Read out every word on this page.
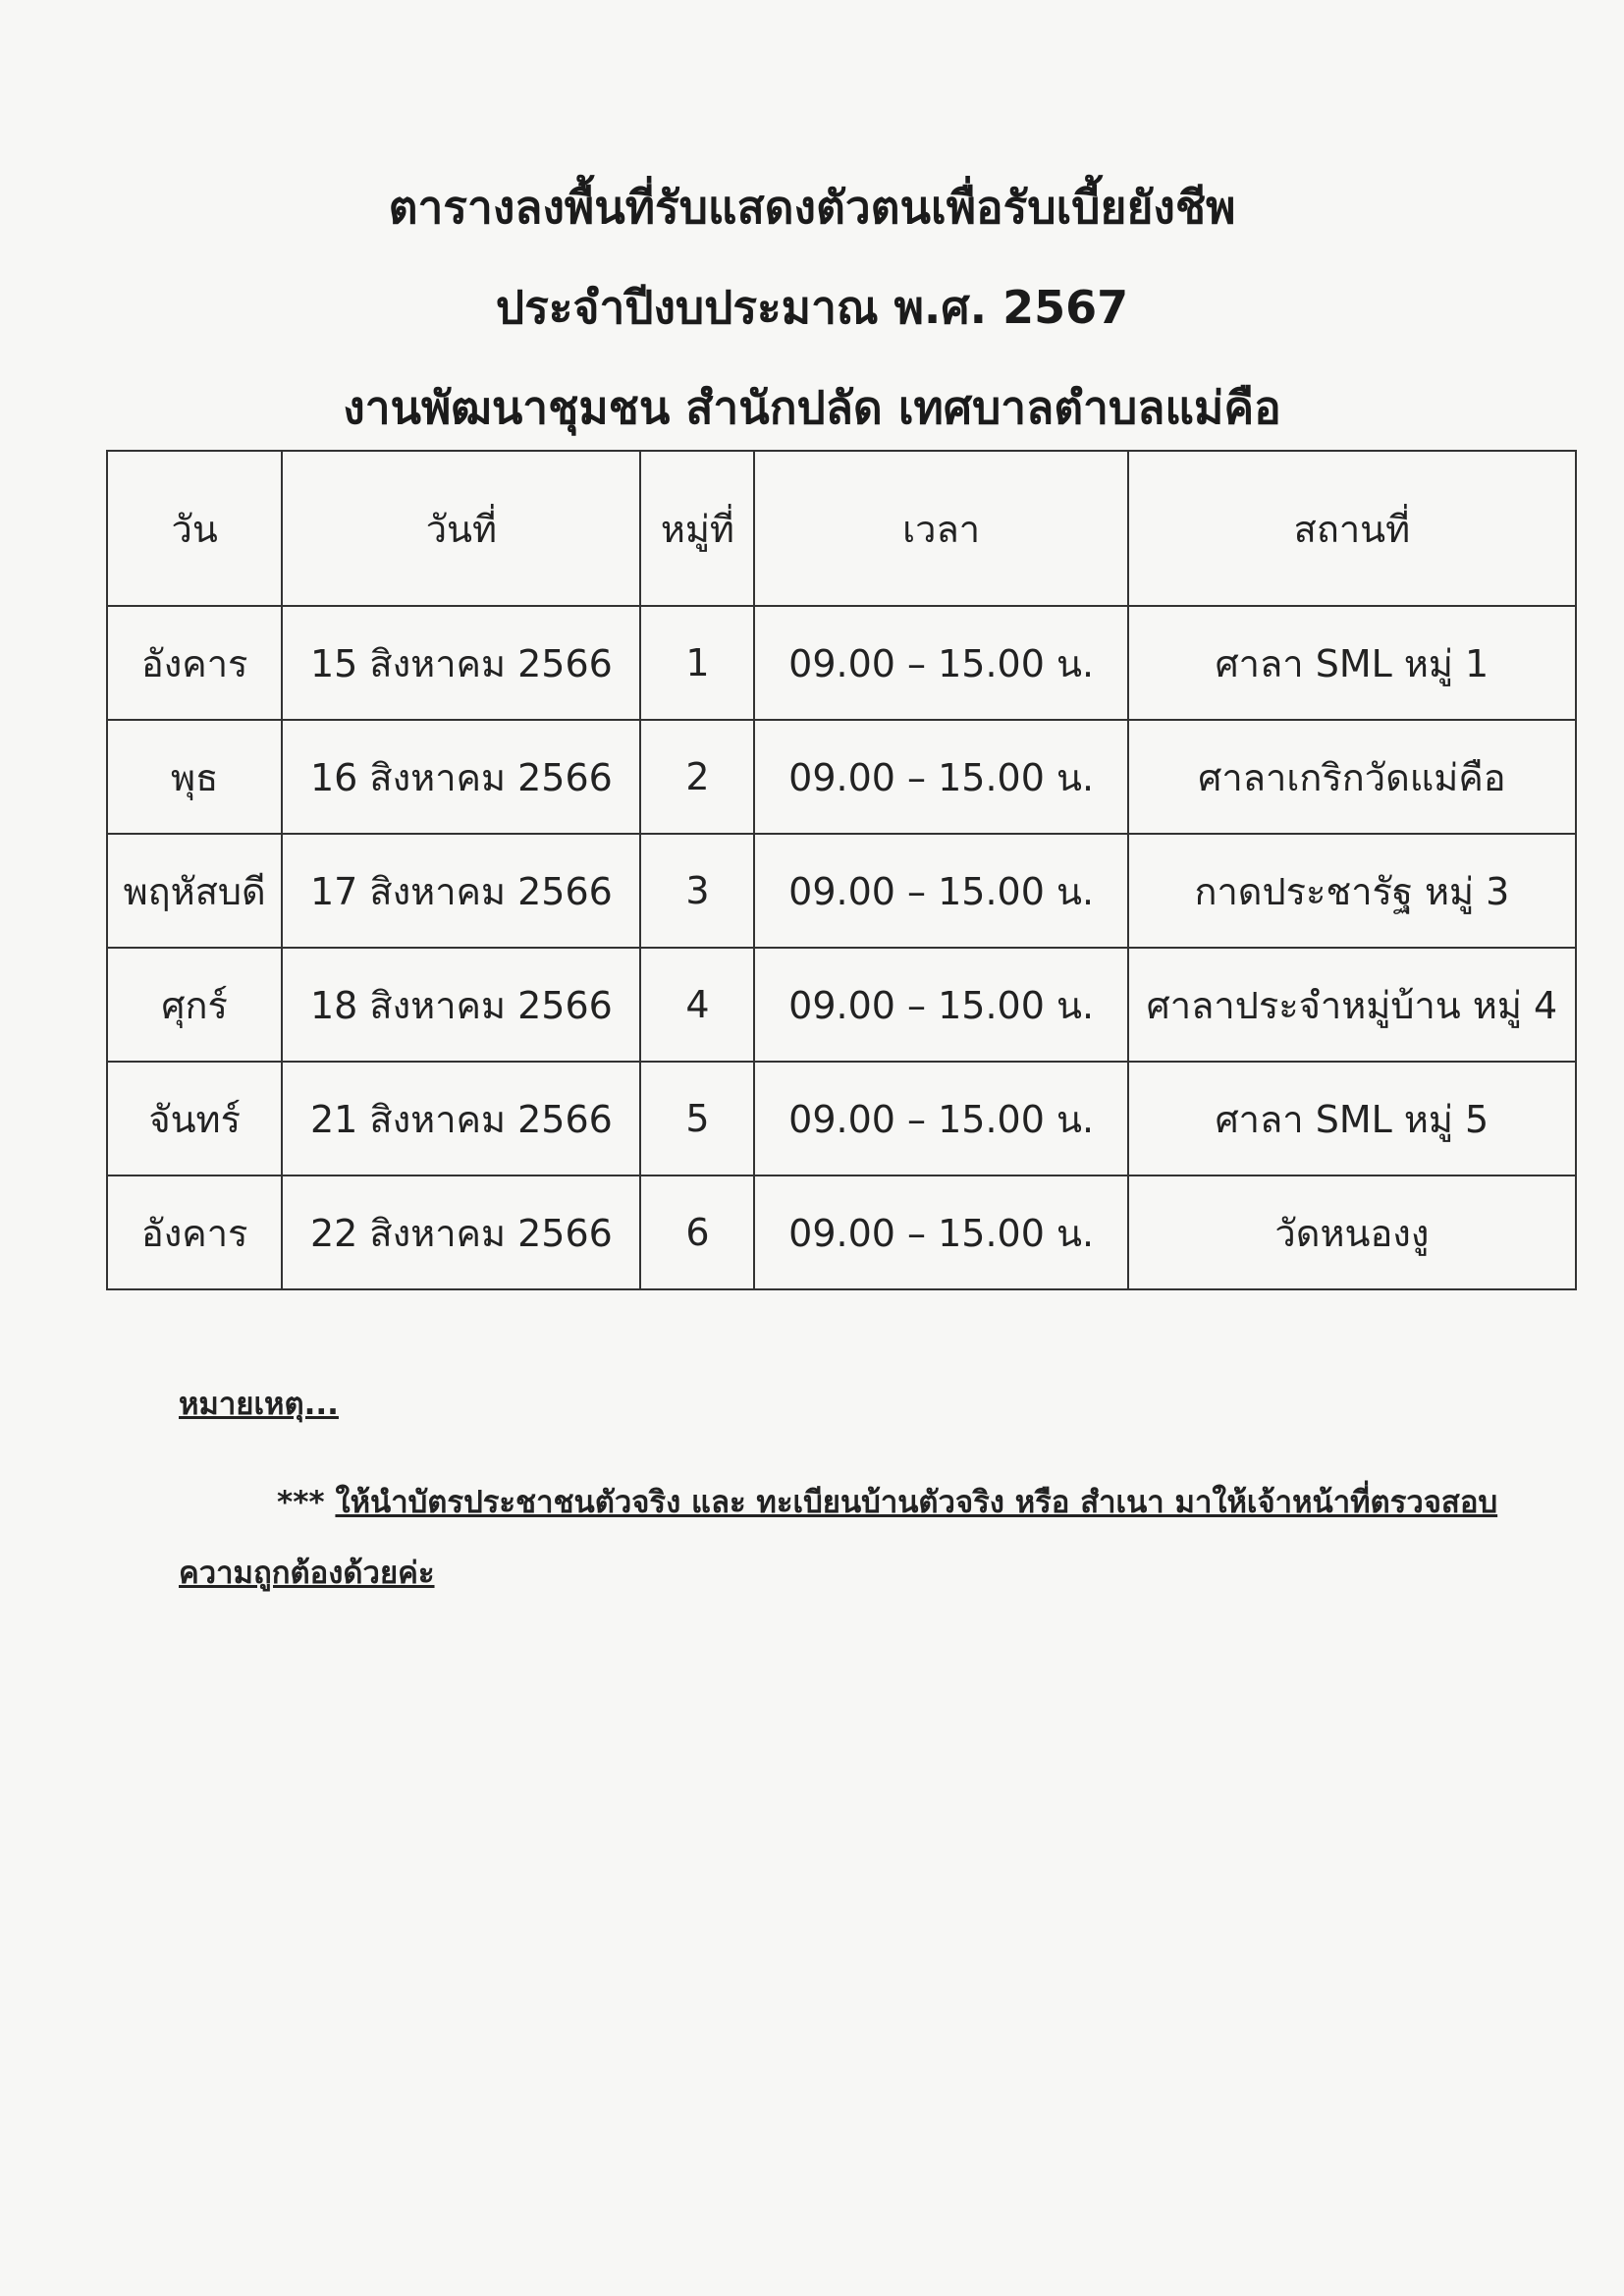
ตารางลงพื้นที่รับแสดงตัวตนเพื่อรับเบี้ยยังชีพ
ประจำปีงบประมาณ พ.ศ. 2567
งานพัฒนาชุมชน สำนักปลัด เทศบาลตำบลแม่คือ
วัน	วันที่	หมู่ที่	เวลา	สถานที่
อังคาร	15 สิงหาคม 2566	1	09.00 – 15.00 น.	ศาลา SML หมู่ 1
พุธ	16 สิงหาคม 2566	2	09.00 – 15.00 น.	ศาลาเกริกวัดแม่คือ
พฤหัสบดี	17 สิงหาคม 2566	3	09.00 – 15.00 น.	กาดประชารัฐ หมู่ 3
ศุกร์	18 สิงหาคม 2566	4	09.00 – 15.00 น.	ศาลาประจำหมู่บ้าน หมู่ 4
จันทร์	21 สิงหาคม 2566	5	09.00 – 15.00 น.	ศาลา SML หมู่ 5
อังคาร	22 สิงหาคม 2566	6	09.00 – 15.00 น.	วัดหนองงู

หมายเหตุ...

*** ให้นำบัตรประชาชนตัวจริง และ ทะเบียนบ้านตัวจริง หรือ สำเนา มาให้เจ้าหน้าที่ตรวจสอบความถูกต้องด้วยค่ะ
